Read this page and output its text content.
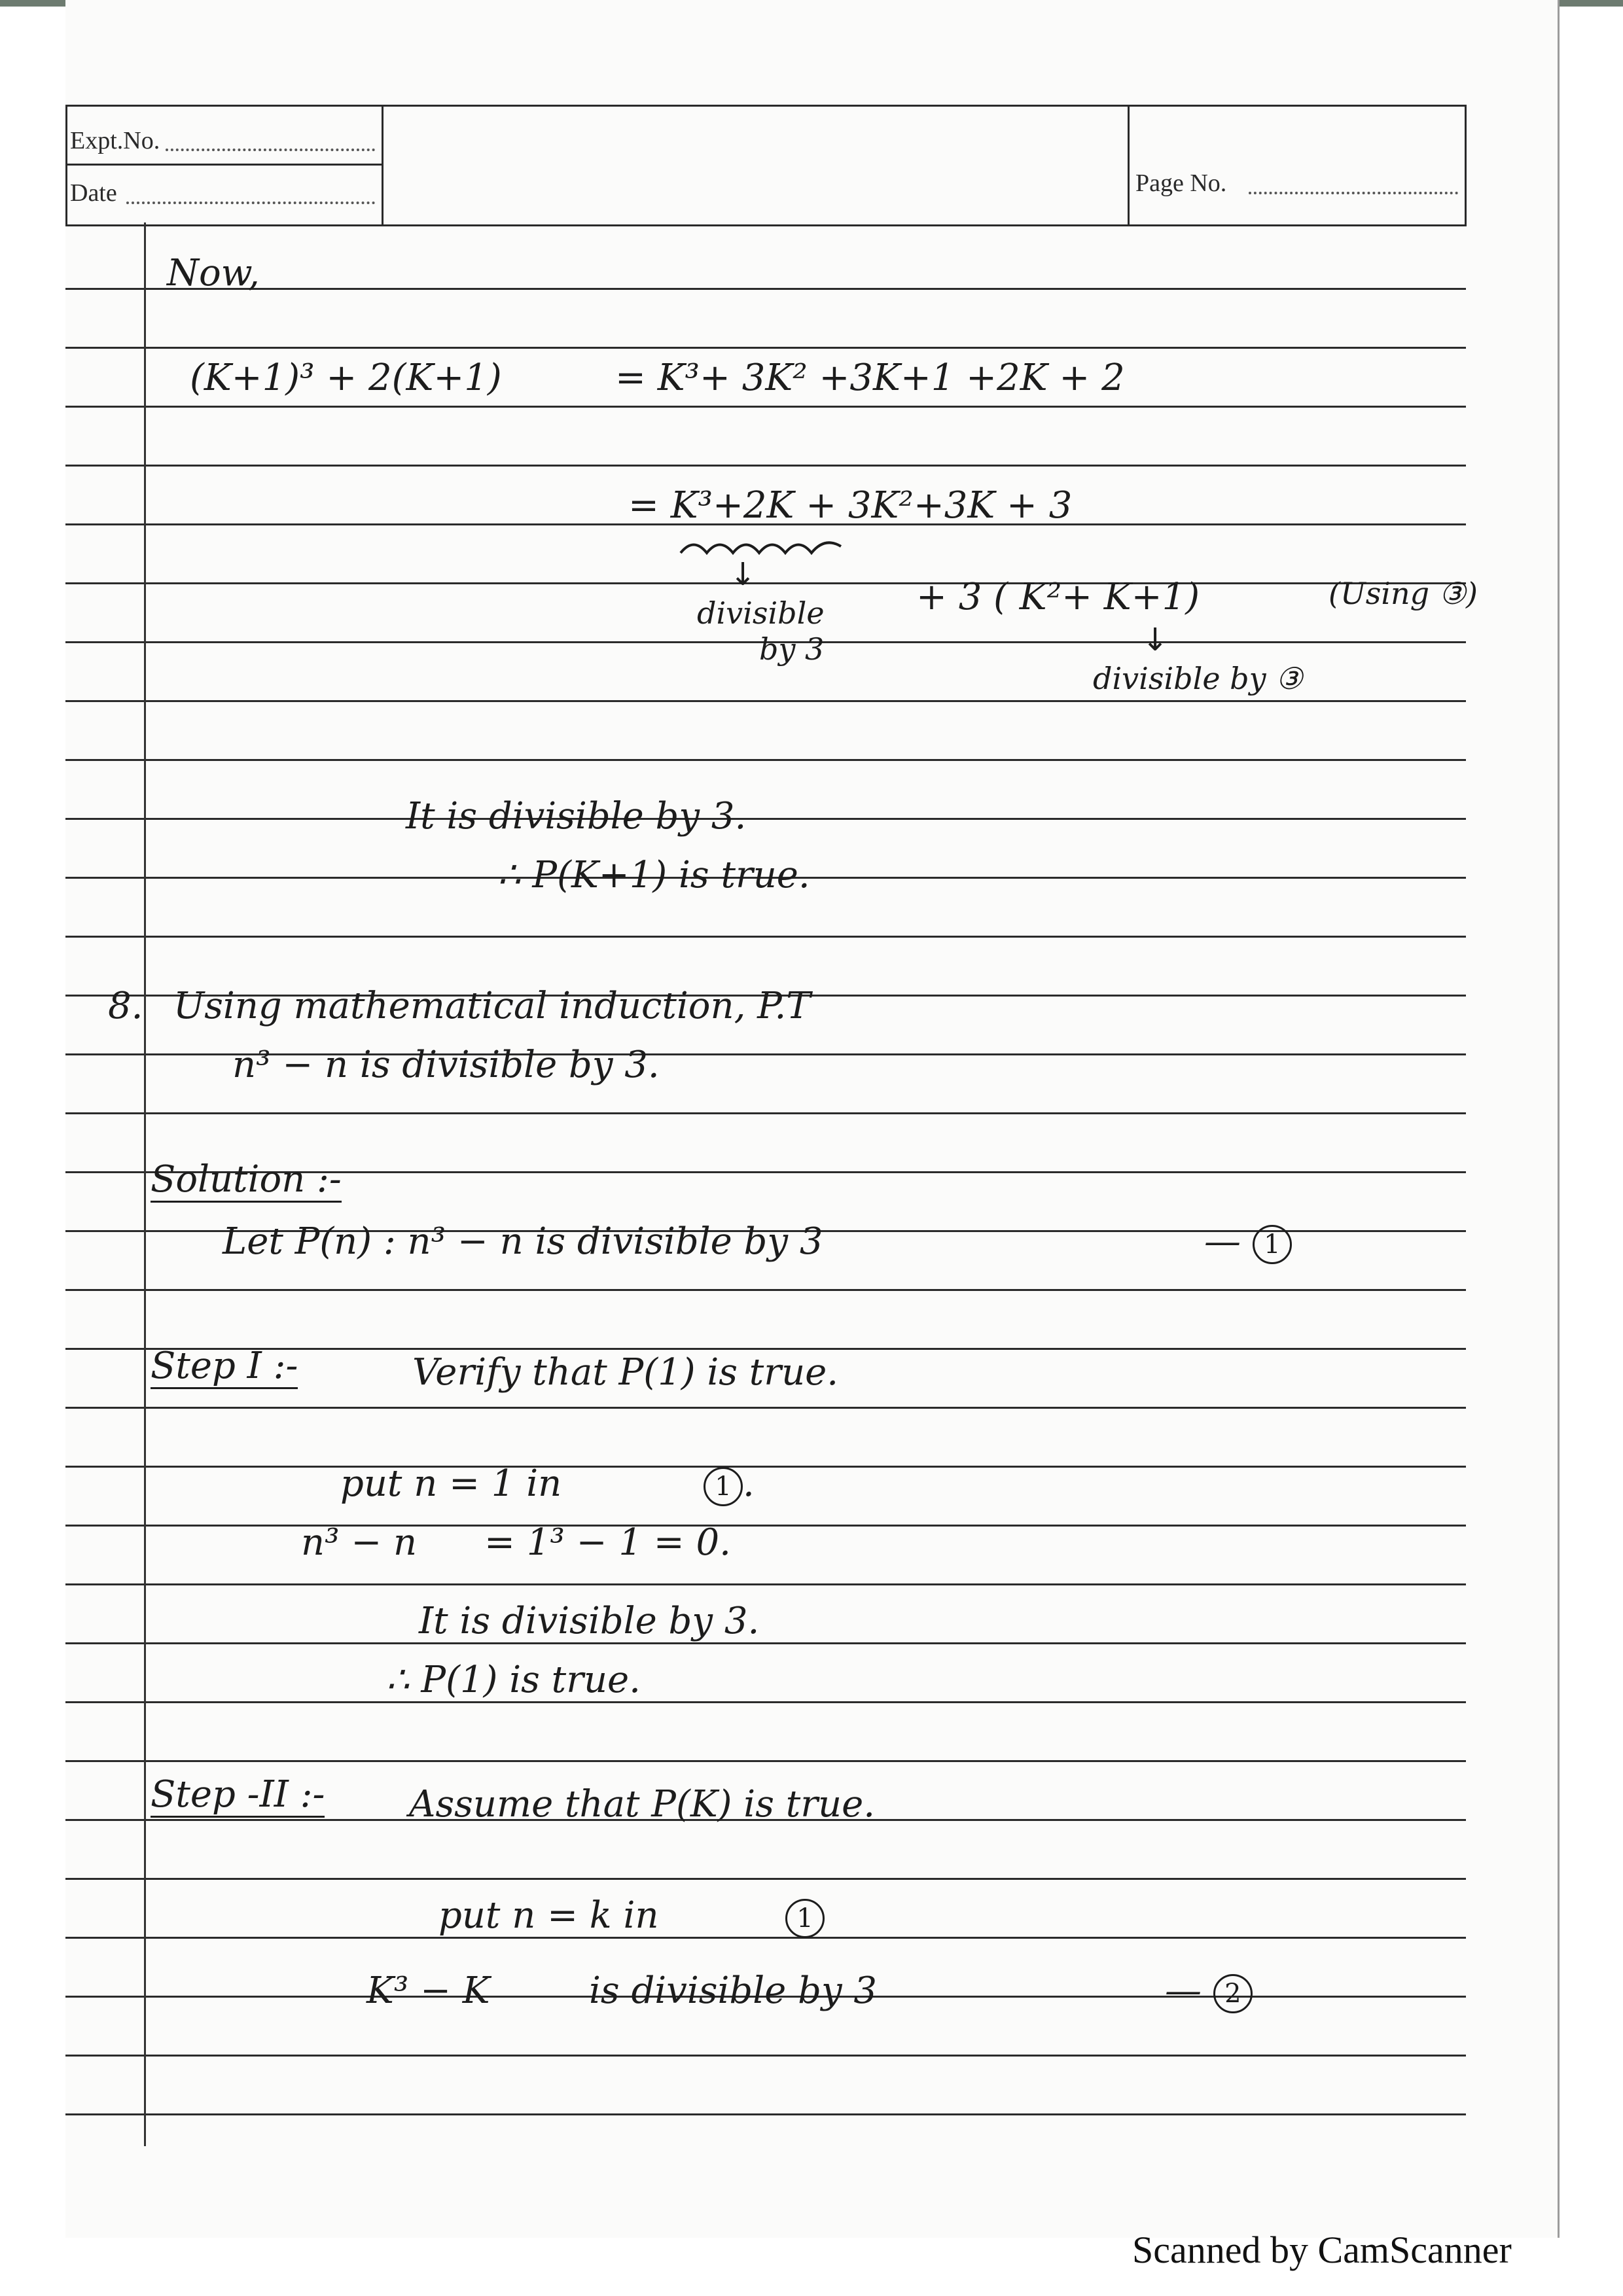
Expt.No.
Date	Page No.
Now,
(K+1)³ + 2(K+1)	= K³+ 3K² +3K+1 +2K + 2
= K³+2K + 3K²+3K + 3
↓
divisible
by 3
+ 3 ( K²+ K+1)	(Using ③)
↓
divisible by ③
It is divisible by 3.
∴ P(K+1) is true.
8. Using mathematical induction, P.T
n³ − n is divisible by 3.
Solution :-
Let P(n) : n³ − n is divisible by 3	— 1
Step I :-	Verify that P(1) is true.
put n = 1 in	1 .
n³ − n = 1³ − 1 = 0.
It is divisible by 3.
∴ P(1) is true.
Step -II :- Assume that P(K) is true.
put n = k in	1
K³ − K	is divisible by 3	— 2
Scanned by CamScanner
